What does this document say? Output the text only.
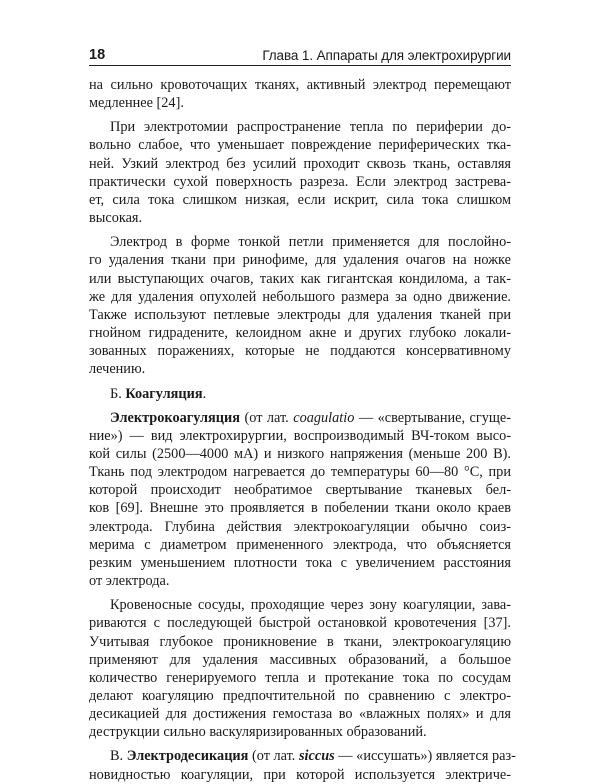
18	Глава 1. Аппараты для электрохирургии

на сильно кровоточащих тканях, активный электрод перемещают
медленнее [24].

При электротомии распространение тепла по периферии до-
вольно слабое, что уменьшает повреждение периферических тка-
ней. Узкий электрод без усилий проходит сквозь ткань, оставляя
практически сухой поверхность разреза. Если электрод застрева-
ет, сила тока слишком низкая, если искрит, сила тока слишком
высокая.

Электрод в форме тонкой петли применяется для послойно-
го удаления ткани при ринофиме, для удаления очагов на ножке
или выступающих очагов, таких как гигантская кондилома, а так-
же для удаления опухолей небольшого размера за одно движение.
Также используют петлевые электроды для удаления тканей при
гнойном гидрадените, келоидном акне и других глубоко локали-
зованных поражениях, которые не поддаются консервативному
лечению.

Б. Коагуляция.

Электрокоагуляция (от лат. coagulatio — «свертывание, сгуще-
ние») — вид электрохирургии, воспроизводимый ВЧ-током высо-
кой силы (2500—4000 мА) и низкого напряжения (меньше 200 В).
Ткань под электродом нагревается до температуры 60—80 °С, при
которой происходит необратимое свертывание тканевых бел-
ков [69]. Внешне это проявляется в побелении ткани около краев
электрода. Глубина действия электрокоагуляции обычно соиз-
мерима с диаметром примененного электрода, что объясняется
резким уменьшением плотности тока с увеличением расстояния
от электрода.

Кровеносные сосуды, проходящие через зону коагуляции, зава-
риваются с последующей быстрой остановкой кровотечения [37].
Учитывая глубокое проникновение в ткани, электрокоагуляцию
применяют для удаления массивных образований, а большое
количество генерируемого тепла и протекание тока по сосудам
делают коагуляцию предпочтительной по сравнению с электро-
десикацией для достижения гемостаза во «влажных полях» и для
деструкции сильно васкуляризированных образований.

В. Электродесикация (от лат. siccus — «иссушать») является раз-
новидностью коагуляции, при которой используется электриче-
